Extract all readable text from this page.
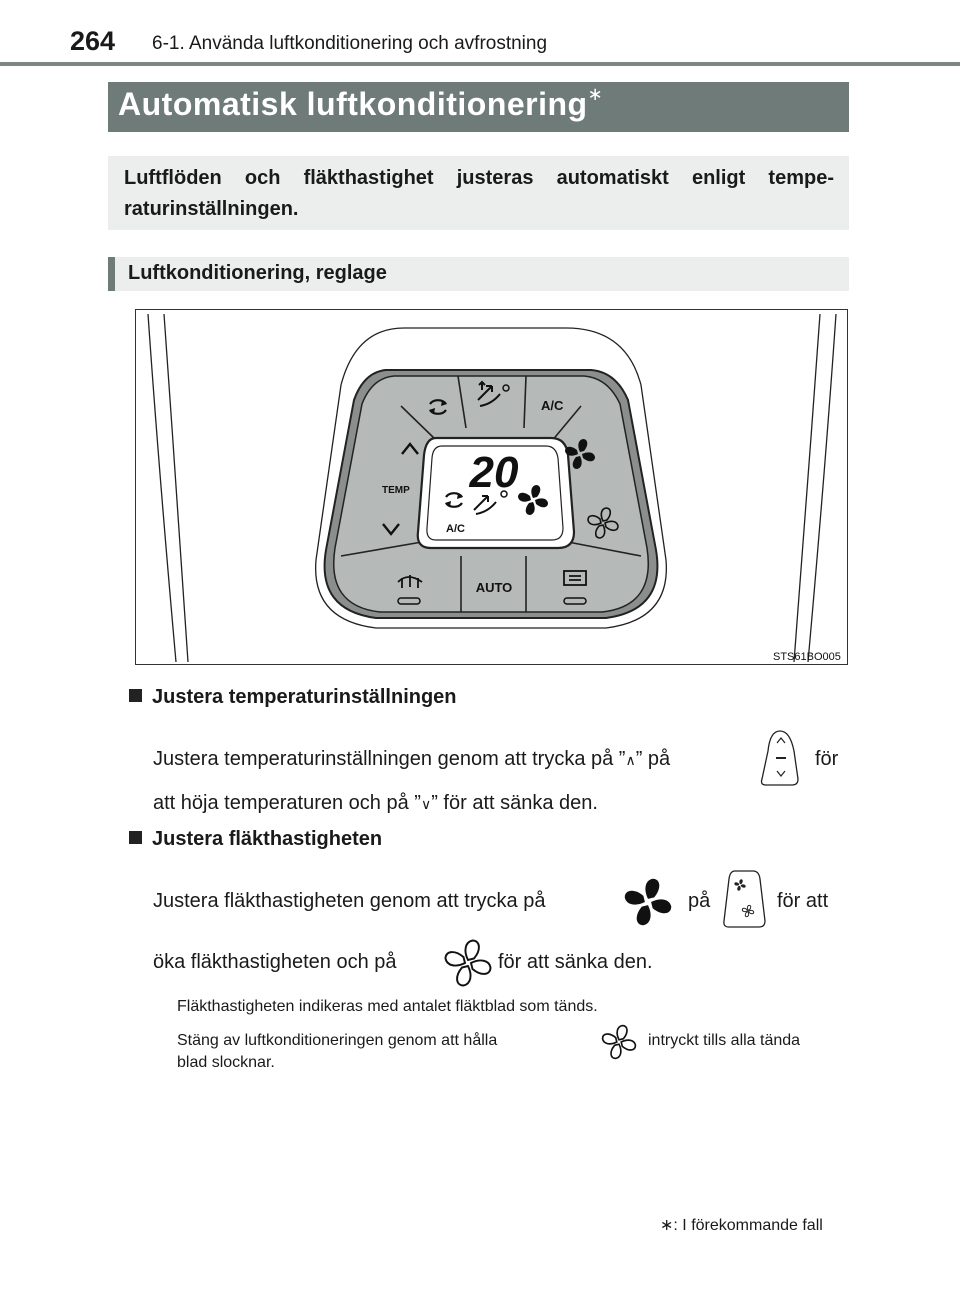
264 6-1. Använda luftkonditionering och avfrostning
Automatisk luftkonditionering∗
Luftflöden och fläkthastighet justeras automatiskt enligt tempe-raturinställningen.
Luftkonditionering, reglage
20
A/C
A/C
TEMP
AUTO
STS61BO005
Justera temperaturinställningen
Justera temperaturinställningen genom att trycka på ”∧” på	för
att höja temperaturen och på ”∨” för att sänka den.
Justera fläkthastigheten
Justera fläkthastigheten genom att trycka på	på	för att
öka fläkthastigheten och på	för att sänka den.
Fläkthastigheten indikeras med antalet fläktblad som tänds.
Stäng av luftkonditioneringen genom att hålla	intryckt tills alla tända
blad slocknar.
∗: I förekommande fall
